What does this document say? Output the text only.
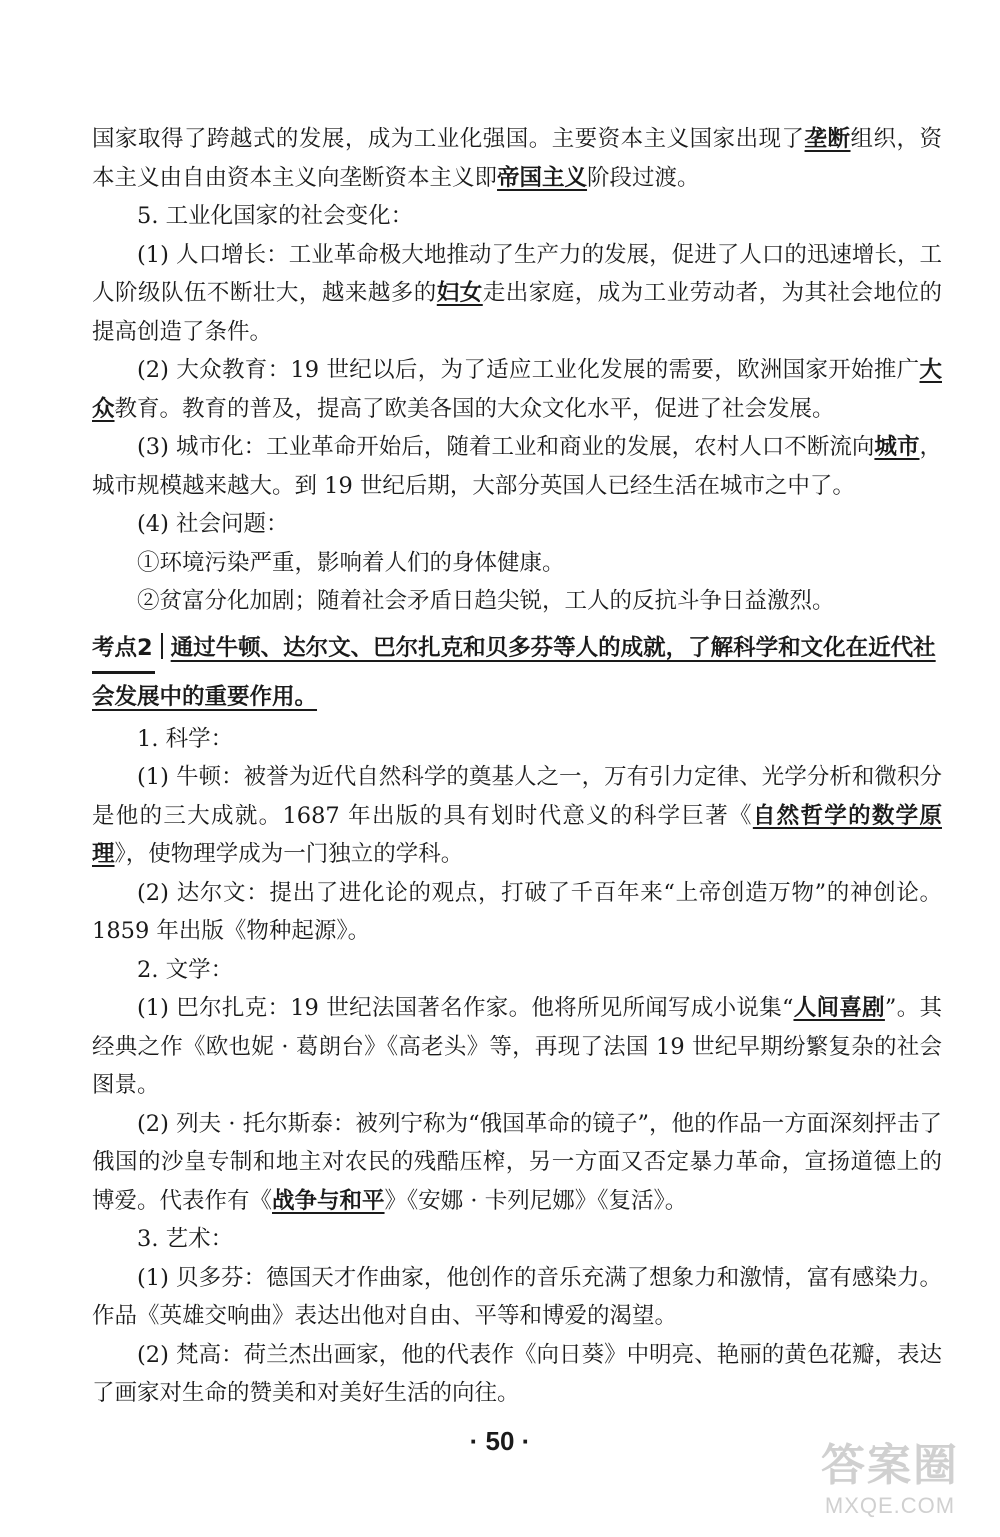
国家取得了跨越式的发展，成为工业化强国。主要资本主义国家出现了垄断组织，资本主义由自由资本主义向垄断资本主义即帝国主义阶段过渡。

5. 工业化国家的社会变化：

(1) 人口增长：工业革命极大地推动了生产力的发展，促进了人口的迅速增长，工人阶级队伍不断壮大，越来越多的妇女走出家庭，成为工业劳动者，为其社会地位的提高创造了条件。

(2) 大众教育：19 世纪以后，为了适应工业化发展的需要，欧洲国家开始推广大众教育。教育的普及，提高了欧美各国的大众文化水平，促进了社会发展。

(3) 城市化：工业革命开始后，随着工业和商业的发展，农村人口不断流向城市，城市规模越来越大。到 19 世纪后期，大部分英国人已经生活在城市之中了。

(4) 社会问题：

①环境污染严重，影响着人们的身体健康。

②贫富分化加剧；随着社会矛盾日趋尖锐，工人的反抗斗争日益激烈。

考点2 通过牛顿、达尔文、巴尔扎克和贝多芬等人的成就，了解科学和文化在近代社会发展中的重要作用。

1. 科学：

(1) 牛顿：被誉为近代自然科学的奠基人之一，万有引力定律、光学分析和微积分是他的三大成就。1687 年出版的具有划时代意义的科学巨著《自然哲学的数学原理》，使物理学成为一门独立的学科。

(2) 达尔文：提出了进化论的观点，打破了千百年来“上帝创造万物”的神创论。1859 年出版《物种起源》。

2. 文学：

(1) 巴尔扎克：19 世纪法国著名作家。他将所见所闻写成小说集“人间喜剧”。其经典之作《欧也妮 · 葛朗台》《高老头》等，再现了法国 19 世纪早期纷繁复杂的社会图景。

(2) 列夫 · 托尔斯泰：被列宁称为“俄国革命的镜子”，他的作品一方面深刻抨击了俄国的沙皇专制和地主对农民的残酷压榨，另一方面又否定暴力革命，宣扬道德上的博爱。代表作有《战争与和平》《安娜 · 卡列尼娜》《复活》。

3. 艺术：

(1) 贝多芬：德国天才作曲家，他创作的音乐充满了想象力和激情，富有感染力。作品《英雄交响曲》表达出他对自由、平等和博爱的渴望。

(2) 梵高：荷兰杰出画家，他的代表作《向日葵》中明亮、艳丽的黄色花瓣，表达了画家对生命的赞美和对美好生活的向往。

· 50 ·	答案圈
MXQE.COM
